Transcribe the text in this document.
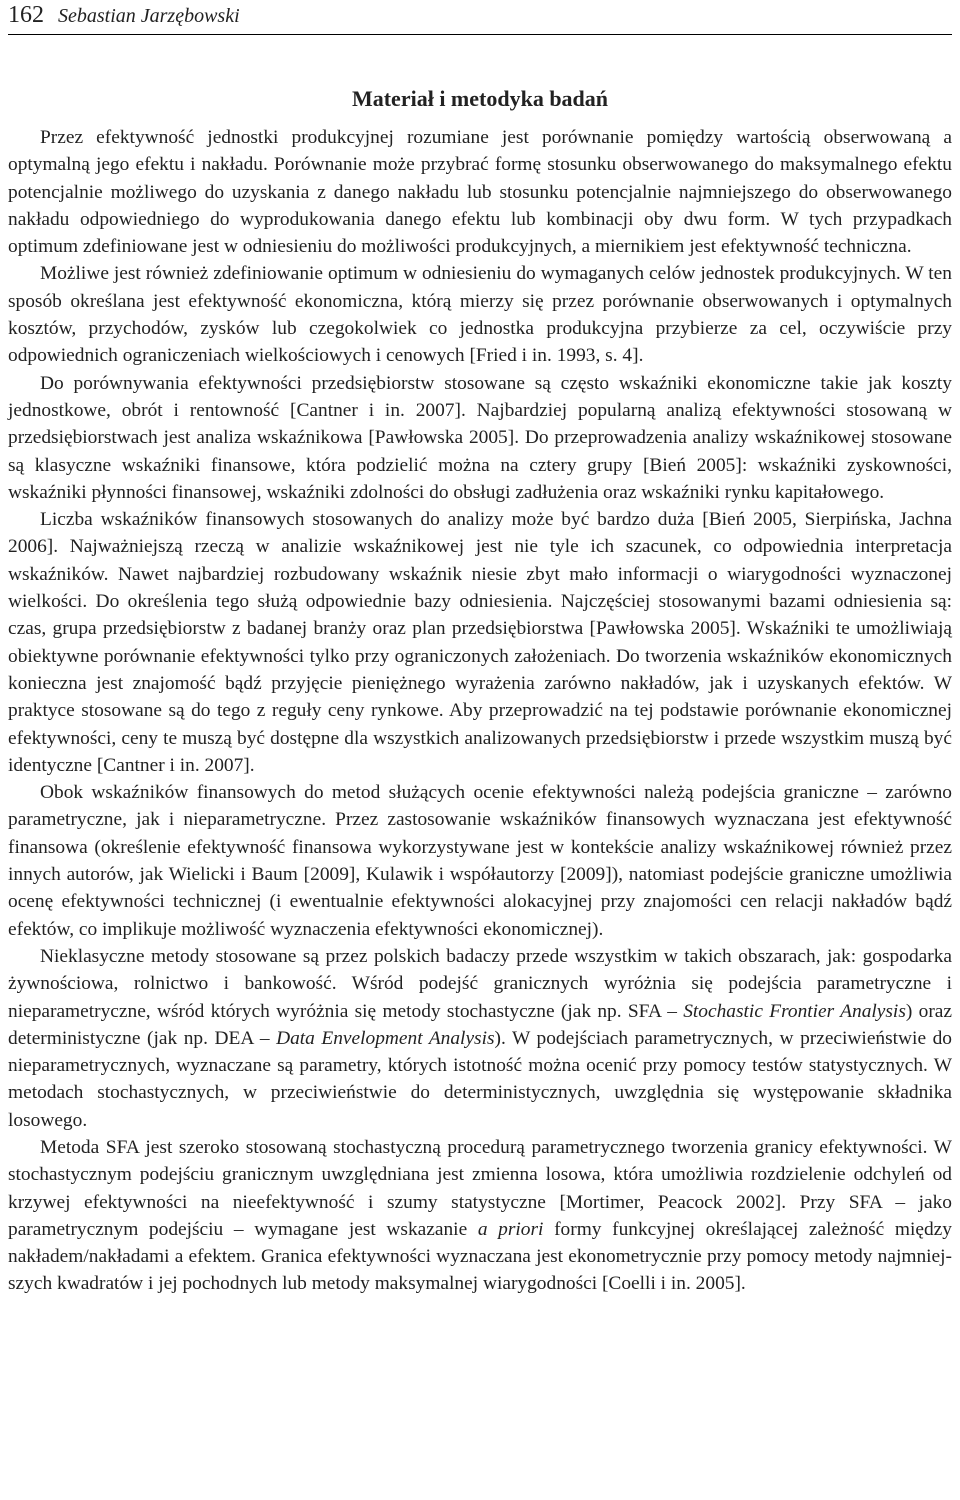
162 Sebastian Jarzębowski
Materiał i metodyka badań

Przez efektywność jednostki produkcyjnej rozumiane jest porównanie pomiędzy wartością obserwowaną a optymalną jego efektu i nakładu. Porównanie może przybrać formę stosunku obserwowanego do maksymalnego efektu potencjalnie możliwego do uzyskania z danego nakładu lub stosunku potencjalnie najmniejszego do obserwowanego nakładu odpowiedniego do wyprodukowania danego efektu lub kombinacji oby dwu form. W tych przypadkach optimum zdefiniowane jest w odniesieniu do możliwości produkcyjnych, a miernikiem jest efektywność techniczna.

Możliwe jest również zdefiniowanie optimum w odniesieniu do wymaganych celów jednostek produkcyjnych. W ten sposób określana jest efektywność ekonomiczna, którą mierzy się przez porównanie obserwowanych i optymalnych kosztów, przychodów, zysków lub czegokolwiek co jednostka produkcyjna przybierze za cel, oczywiście przy odpowiednich ograniczeniach wielkościowych i cenowych [Fried i in. 1993, s. 4].

Do porównywania efektywności przedsiębiorstw stosowane są często wskaźniki ekonomiczne takie jak koszty jednostkowe, obrót i rentowność [Cantner i in. 2007]. Najbardziej popularną analizą efektywności stosowaną w przedsiębiorstwach jest analiza wskaźnikowa [Pawłowska 2005]. Do przeprowadzenia analizy wskaźnikowej stosowane są klasyczne wskaźniki finansowe, która podzielić można na cztery grupy [Bień 2005]: wskaźniki zyskowności, wskaźniki płynności finansowej, wskaźniki zdolności do obsługi zadłużenia oraz wskaźniki rynku kapitałowego.

Liczba wskaźników finansowych stosowanych do analizy może być bardzo duża [Bień 2005, Sierpińska, Jachna 2006]. Najważniejszą rzeczą w analizie wskaźnikowej jest nie tyle ich szacunek, co odpowiednia interpretacja wskaźników. Nawet najbardziej rozbudowany wskaźnik niesie zbyt mało informacji o wiarygodności wyznaczonej wielkości. Do określenia tego służą odpowiednie bazy odniesienia. Najczęściej stosowanymi bazami odniesienia są: czas, grupa przedsiębiorstw z badanej branży oraz plan przedsiębiorstwa [Pawłowska 2005]. Wskaźniki te umożliwiają obiektywne porównanie efektywności tylko przy ograniczonych założeniach. Do tworzenia wskaźników ekonomicznych konieczna jest znajomość bądź przyjęcie pieniężnego wyrażenia zarówno nakładów, jak i uzyskanych efektów. W praktyce stosowane są do tego z reguły ceny rynkowe. Aby przeprowadzić na tej podstawie porównanie ekonomicznej efektywności, ceny te muszą być dostępne dla wszystkich analizowanych przedsiębiorstw i przede wszystkim muszą być identyczne [Cantner i in. 2007].

Obok wskaźników finansowych do metod służących ocenie efektywności należą podejścia graniczne – zarówno parametryczne, jak i nieparametryczne. Przez zastosowanie wskaźników finansowych wyznaczana jest efektywność finansowa (określenie efektywność finansowa wykorzystywane jest w kontekście analizy wskaźnikowej również przez innych autorów, jak Wielicki i Baum [2009], Kulawik i współautorzy [2009]), natomiast podejście graniczne umożliwia ocenę efektywności technicznej (i ewentualnie efektywności alokacyjnej przy znajomości cen relacji nakładów bądź efektów, co implikuje możliwość wyznaczenia efektywności ekonomicznej).

Nieklasyczne metody stosowane są przez polskich badaczy przede wszystkim w takich obszarach, jak: gospodarka żywnościowa, rolnictwo i bankowość. Wśród podejść granicznych wyróżnia się podejścia parametryczne i nieparametryczne, wśród których wyróżnia się metody stochastyczne (jak np. SFA – Stochastic Frontier Analysis) oraz deterministyczne (jak np. DEA – Data Envelopment Analysis). W podejściach parametrycznych, w przeciwieństwie do nieparametrycznych, wyznaczane są parametry, których istotność można ocenić przy pomocy testów statystycznych. W metodach stochastycznych, w przeciwieństwie do deterministycznych, uwzględnia się występowanie składnika losowego.

Metoda SFA jest szeroko stosowaną stochastyczną procedurą parametrycznego tworzenia granicy efektywności. W stochastycznym podejściu granicznym uwzględniana jest zmienna losowa, która umożliwia rozdzielenie odchyleń od krzywej efektywności na nieefektywność i szumy statystyczne [Mortimer, Peacock 2002]. Przy SFA – jako parametrycznym podejściu – wymagane jest wskazanie a priori formy funkcyjnej określającej zależność między nakładem/nakładami a efektem. Granica efektywności wyznaczana jest ekonometrycznie przy pomocy metody najmniejszych kwadratów i jej pochodnych lub metody maksymalnej wiarygodności [Coelli i in. 2005].
